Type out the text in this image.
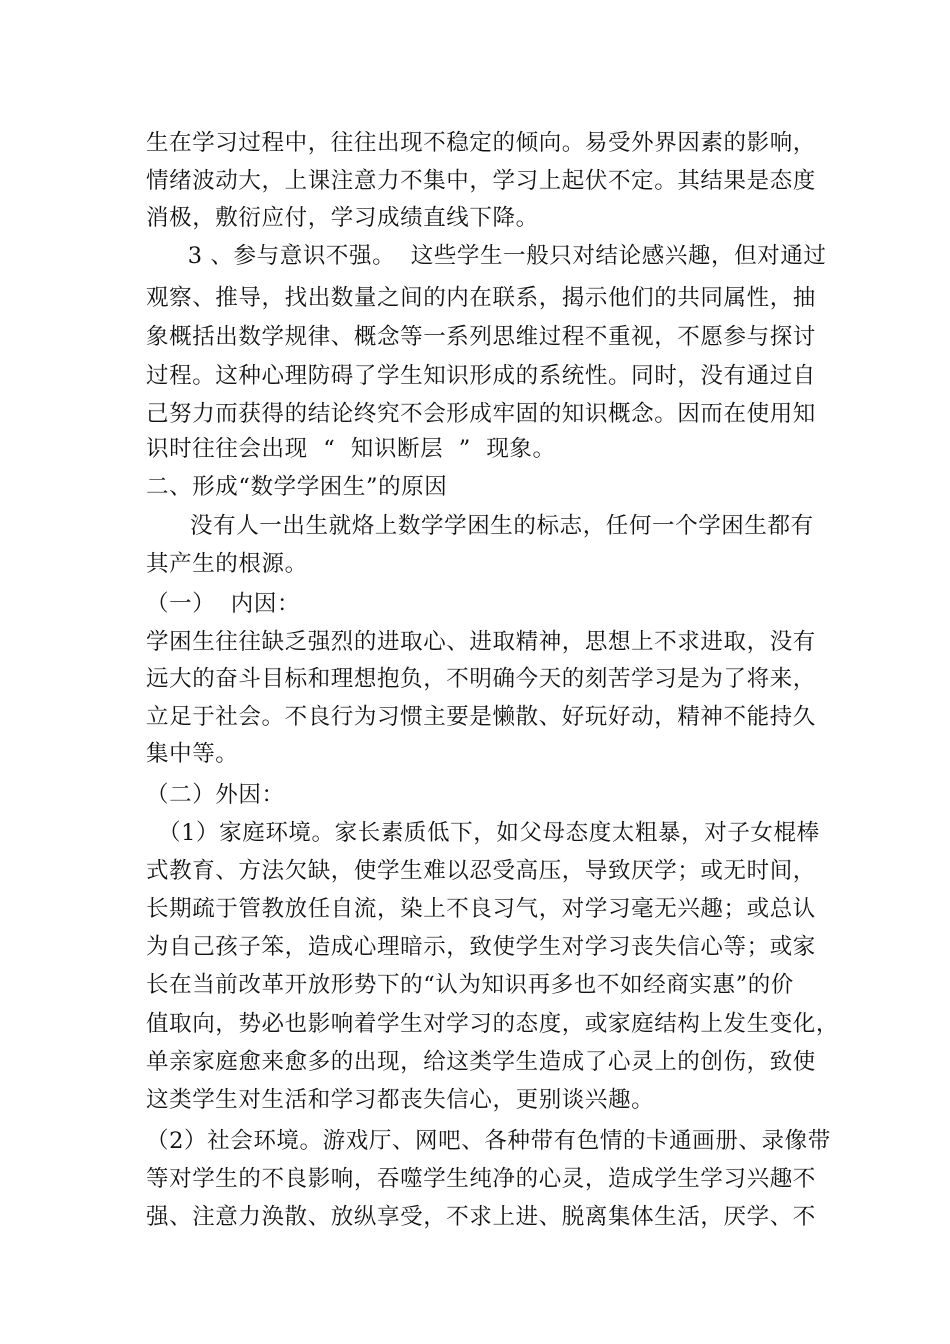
生在学习过程中，往往出现不稳定的倾向。易受外界因素的影响，
情绪波动大，上课注意力不集中，学习上起伏不定。其结果是态度
消极，敷衍应付，学习成绩直线下降。
3 、参与意识不强。  这些学生一般只对结论感兴趣，但对通过
观察、推导，找出数量之间的内在联系，揭示他们的共同属性，抽
象概括出数学规律、概念等一系列思维过程不重视，不愿参与探讨
过程。这种心理防碍了学生知识形成的系统性。同时，没有通过自
己努力而获得的结论终究不会形成牢固的知识概念。因而在使用知
识时往往会出现  “  知识断层  ”  现象。
二、形成“数学学困生”的原因
没有人一出生就烙上数学学困生的标志，任何一个学困生都有
其产生的根源。
（一）  内因：
学困生往往缺乏强烈的进取心、进取精神，思想上不求进取，没有
远大的奋斗目标和理想抱负，不明确今天的刻苦学习是为了将来，
立足于社会。不良行为习惯主要是懒散、好玩好动，精神不能持久
集中等。
（二）外因：
（1）家庭环境。家长素质低下，如父母态度太粗暴，对子女棍棒
式教育、方法欠缺，使学生难以忍受高压，导致厌学；或无时间，
长期疏于管教放任自流，染上不良习气，对学习毫无兴趣；或总认
为自己孩子笨，造成心理暗示，致使学生对学习丧失信心等；或家
长在当前改革开放形势下的“认为知识再多也不如经商实惠”的价
值取向，势必也影响着学生对学习的态度，或家庭结构上发生变化，
单亲家庭愈来愈多的出现，给这类学生造成了心灵上的创伤，致使
这类学生对生活和学习都丧失信心，更别谈兴趣。
（2）社会环境。游戏厅、网吧、各种带有色情的卡通画册、录像带
等对学生的不良影响，吞噬学生纯净的心灵，造成学生学习兴趣不
强、注意力涣散、放纵享受，不求上进、脱离集体生活，厌学、不
